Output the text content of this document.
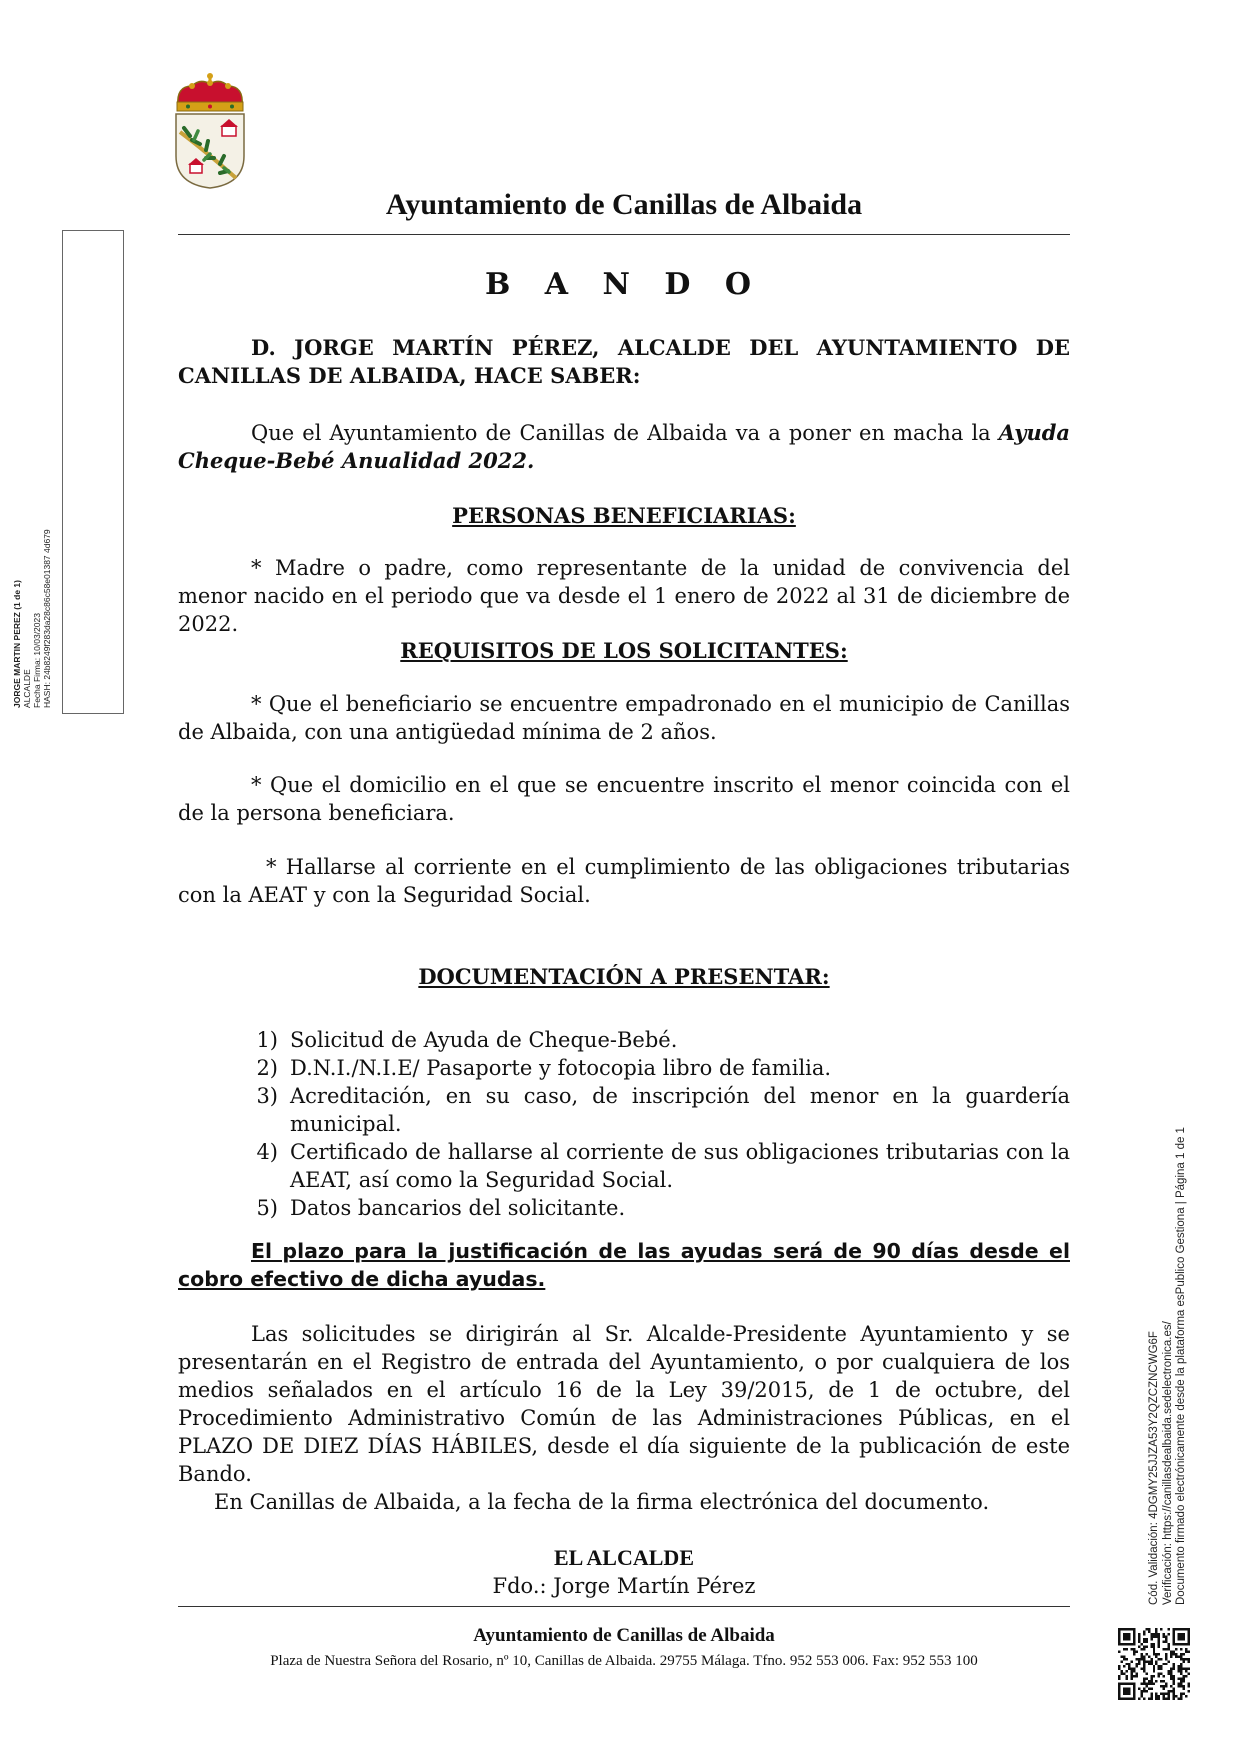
Ayuntamiento de Canillas de Albaida
JORGE MARTIN PEREZ (1 de 1) ALCALDE Fecha Firma: 10/03/2023 HASH: 24b8249f283da28c86c58e01387 4d679
Cód. Validación: 4DGMY25JJZA53Y2QZCZNCWG6F Verificación: https://canillasdealbaida.sedelectronica.es/ Documento firmado electrónicamente desde la plataforma esPublico Gestiona | Página 1 de 1
B A N D O
D. JORGE MARTÍN PÉREZ, ALCALDE DEL AYUNTAMIENTO DE CANILLAS DE ALBAIDA, HACE SABER:
Que el Ayuntamiento de Canillas de Albaida va a poner en macha la Ayuda Cheque-Bebé Anualidad 2022.
PERSONAS BENEFICIARIAS:
* Madre o padre, como representante de la unidad de convivencia del menor nacido en el periodo que va desde el 1 enero de 2022 al 31 de diciembre de 2022.
REQUISITOS DE LOS SOLICITANTES:
* Que el beneficiario se encuentre empadronado en el municipio de Canillas de Albaida, con una antigüedad mínima de 2 años.
* Que el domicilio en el que se encuentre inscrito el menor coincida con el de la persona beneficiara.
* Hallarse al corriente en el cumplimiento de las obligaciones tributarias con la AEAT y con la Seguridad Social.
DOCUMENTACIÓN A PRESENTAR:
1) Solicitud de Ayuda de Cheque-Bebé.
2) D.N.I./N.I.E/ Pasaporte y fotocopia libro de familia.
3) Acreditación, en su caso, de inscripción del menor en la guardería municipal.
4) Certificado de hallarse al corriente de sus obligaciones tributarias con la AEAT, así como la Seguridad Social.
5) Datos bancarios del solicitante.
El plazo para la justificación de las ayudas será de 90 días desde el cobro efectivo de dicha ayudas.
Las solicitudes se dirigirán al Sr. Alcalde-Presidente Ayuntamiento y se presentarán en el Registro de entrada del Ayuntamiento, o por cualquiera de los medios señalados en el artículo 16 de la Ley 39/2015, de 1 de octubre, del Procedimiento Administrativo Común de las Administraciones Públicas, en el PLAZO DE DIEZ DÍAS HÁBILES, desde el día siguiente de la publicación de este Bando.
En Canillas de Albaida, a la fecha de la firma electrónica del documento.
EL ALCALDE
Fdo.: Jorge Martín Pérez
Ayuntamiento de Canillas de Albaida
Plaza de Nuestra Señora del Rosario, nº 10, Canillas de Albaida. 29755 Málaga. Tfno. 952 553 006. Fax: 952 553 100
